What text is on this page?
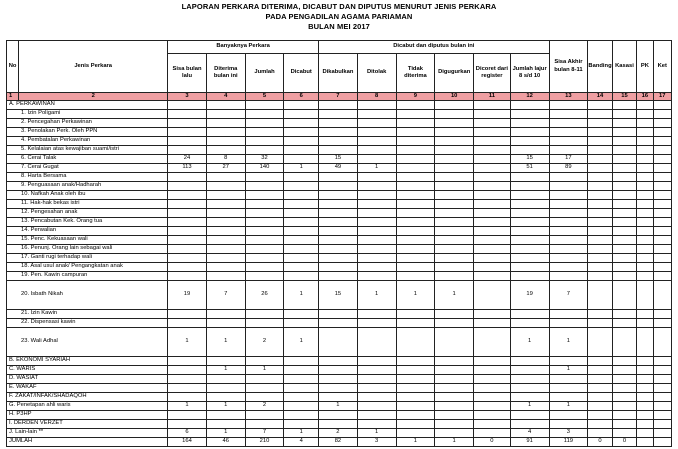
LAPORAN PERKARA DITERIMA, DICABUT DAN DIPUTUS MENURUT JENIS PERKARA
PADA PENGADILAN AGAMA PARIAMAN
BULAN MEI 2017
No	Jenis Perkara	Banyaknya Perkara				Dicabut dan diputus bulan ini						Sisa Akhir bulan 8-11	Banding	Kasasi	PK	Ket
		Sisa bulan lalu	Diterima bulan ini	Jumlah	Dicabut	Dikabulkan	Ditolak	Tidak diterima	Digugurkan	Dicoret dari register	Jumlah lajur 8 s/d 10					
1	2	3	4	5	6	7	8	9	10	11	12	13	14	15	16	17
A. PERKAWINAN																
1. Izin Poligami																
2. Pencegahan Perkawinan																
3. Penolakan Perk. Oleh PPN																
4. Pembatalan Perkawinan																
5. Kelalaian atas kewajiban suami/istri																
6. Cerai Talak		24	8	32		15					15	17				
7. Cerai Gugat		113	27	140	1	49	1				51	89				
8. Harta Bersama																
9. Penguasaan anak/Hadharah																
10. Nafkah Anak oleh ibu																
11. Hak-hak bekas istri																
12. Pengesahan anak																
13. Pencabutan Kek. Orang tua																
14. Perwalian																
15. Penc. Kekuasaan wali																
16. Penunj. Orang lain sebagai wali																
17. Ganti rugi terhadap wali																
18. Asal usul anak/ Pengangkatan anak																
19. Pen. Kawin campuran																
20. Isbath Nikah		19	7	26	1	15	1	1	1		19	7				
21. Izin Kawin																
22. Dispensasi kawin																
23. Wali Adhal		1	1	2	1						1	1				
B. EKONOMI SYARIAH																
C. WARIS			1	1								1				
D. WASIAT																
E. WAKAF																
F. ZAKAT/INFAK/SHADAQOH																
G. Penetapan ahli waris		1	1	2		1					1	1				
H. P3HP																
I. DERDEN VERZET																
J. Lain-lain **		6	1	7	1	2	1				4	3				
JUMLAH		164	46	210	4	82	3	1	1	0	91	119	0	0		
